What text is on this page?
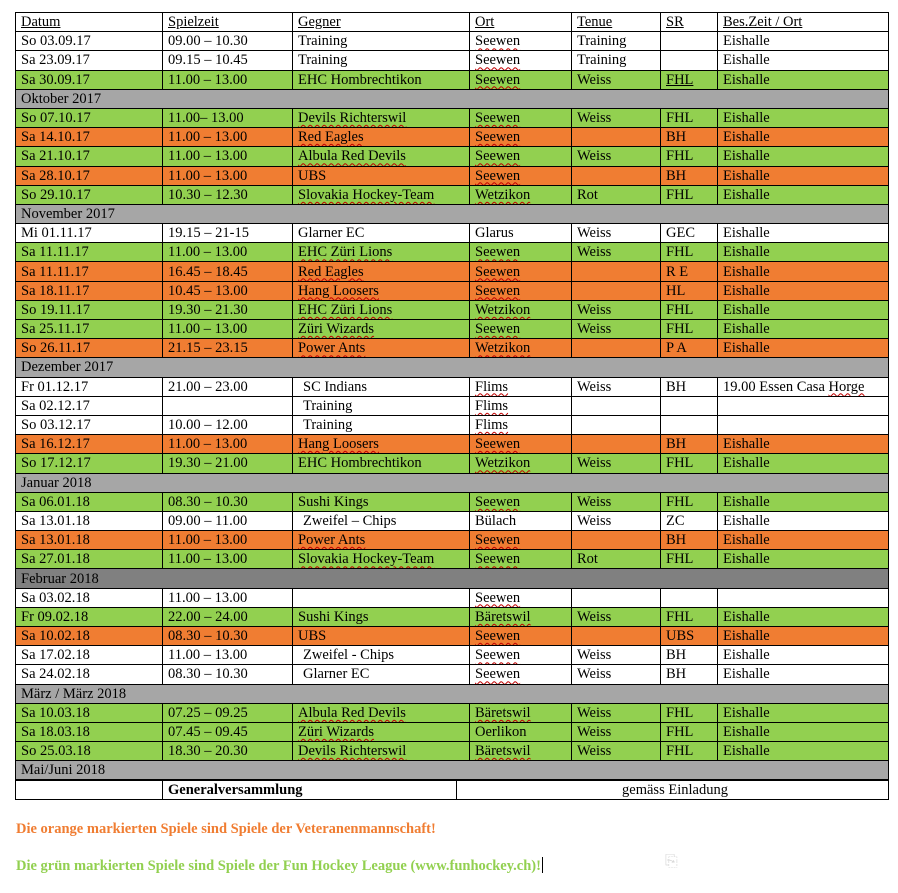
Datum	Spielzeit	Gegner	Ort	Tenue	SR	Bes.Zeit / Ort
So 03.09.17	09.00 – 10.30	Training	Seewen	Training		Eishalle
Sa 23.09.17	09.15 – 10.45	Training	Seewen	Training		Eishalle
Sa 30.09.17	11.00 – 13.00	EHC Hombrechtikon	Seewen	Weiss	FHL	Eishalle
Oktober 2017						
So 07.10.17	11.00– 13.00	Devils Richterswil	Seewen	Weiss	FHL	Eishalle
Sa 14.10.17	11.00 – 13.00	Red Eagles	Seewen		BH	Eishalle
Sa 21.10.17	11.00 – 13.00	Albula Red Devils	Seewen	Weiss	FHL	Eishalle
Sa 28.10.17	11.00 – 13.00	UBS	Seewen		BH	Eishalle
So 29.10.17	10.30 – 12.30	Slovakia Hockey-Team	Wetzikon	Rot	FHL	Eishalle
November 2017						
Mi 01.11.17	19.15 – 21-15	Glarner EC	Glarus	Weiss	GEC	Eishalle
Sa 11.11.17	11.00 – 13.00	EHC Züri Lions	Seewen	Weiss	FHL	Eishalle
Sa 11.11.17	16.45 – 18.45	Red Eagles	Seewen		R E	Eishalle
Sa 18.11.17	10.45 – 13.00	Hang Loosers	Seewen		HL	Eishalle
So 19.11.17	19.30 – 21.30	EHC Züri Lions	Wetzikon	Weiss	FHL	Eishalle
Sa 25.11.17	11.00 – 13.00	Züri Wizards	Seewen	Weiss	FHL	Eishalle
So 26.11.17	21.15 – 23.15	Power Ants	Wetzikon		P A	Eishalle
Dezember 2017						
Fr 01.12.17	21.00 – 23.00	SC Indians	Flims	Weiss	BH	19.00 Essen Casa Horge
Sa 02.12.17		Training	Flims			
So 03.12.17	10.00 – 12.00	Training	Flims			
Sa 16.12.17	11.00 – 13.00	Hang Loosers	Seewen		BH	Eishalle
So 17.12.17	19.30 – 21.00	EHC Hombrechtikon	Wetzikon	Weiss	FHL	Eishalle
Januar 2018						
Sa 06.01.18	08.30 – 10.30	Sushi Kings	Seewen	Weiss	FHL	Eishalle
Sa 13.01.18	09.00 – 11.00	Zweifel – Chips	Bülach	Weiss	ZC	Eishalle
Sa 13.01.18	11.00 – 13.00	Power Ants	Seewen		BH	Eishalle
Sa 27.01.18	11.00 – 13.00	Slovakia Hockey-Team	Seewen	Rot	FHL	Eishalle
Februar 2018						
Sa 03.02.18	11.00 – 13.00		Seewen			
Fr 09.02.18	22.00 – 24.00	Sushi Kings	Bäretswil	Weiss	FHL	Eishalle
Sa 10.02.18	08.30 – 10.30	UBS	Seewen		UBS	Eishalle
Sa 17.02.18	11.00 – 13.00	Zweifel - Chips	Seewen	Weiss	BH	Eishalle
Sa 24.02.18	08.30 – 10.30	Glarner EC	Seewen	Weiss	BH	Eishalle
März / März 2018						
Sa 10.03.18	07.25 – 09.25	Albula Red Devils	Bäretswil	Weiss	FHL	Eishalle
Sa 18.03.18	07.45 – 09.45	Züri Wizards	Oerlikon	Weiss	FHL	Eishalle
So 25.03.18	18.30 – 20.30	Devils Richterswil	Bäretswil	Weiss	FHL	Eishalle
Mai/Juni 2018						
	Generalversammlung	gemäss Einladung
Die orange markierten Spiele sind Spiele der Veteranenmannschaft!
Die grün markierten Spiele sind Spiele der Fun Hockey League (www.funhockey.ch)!	⎘
